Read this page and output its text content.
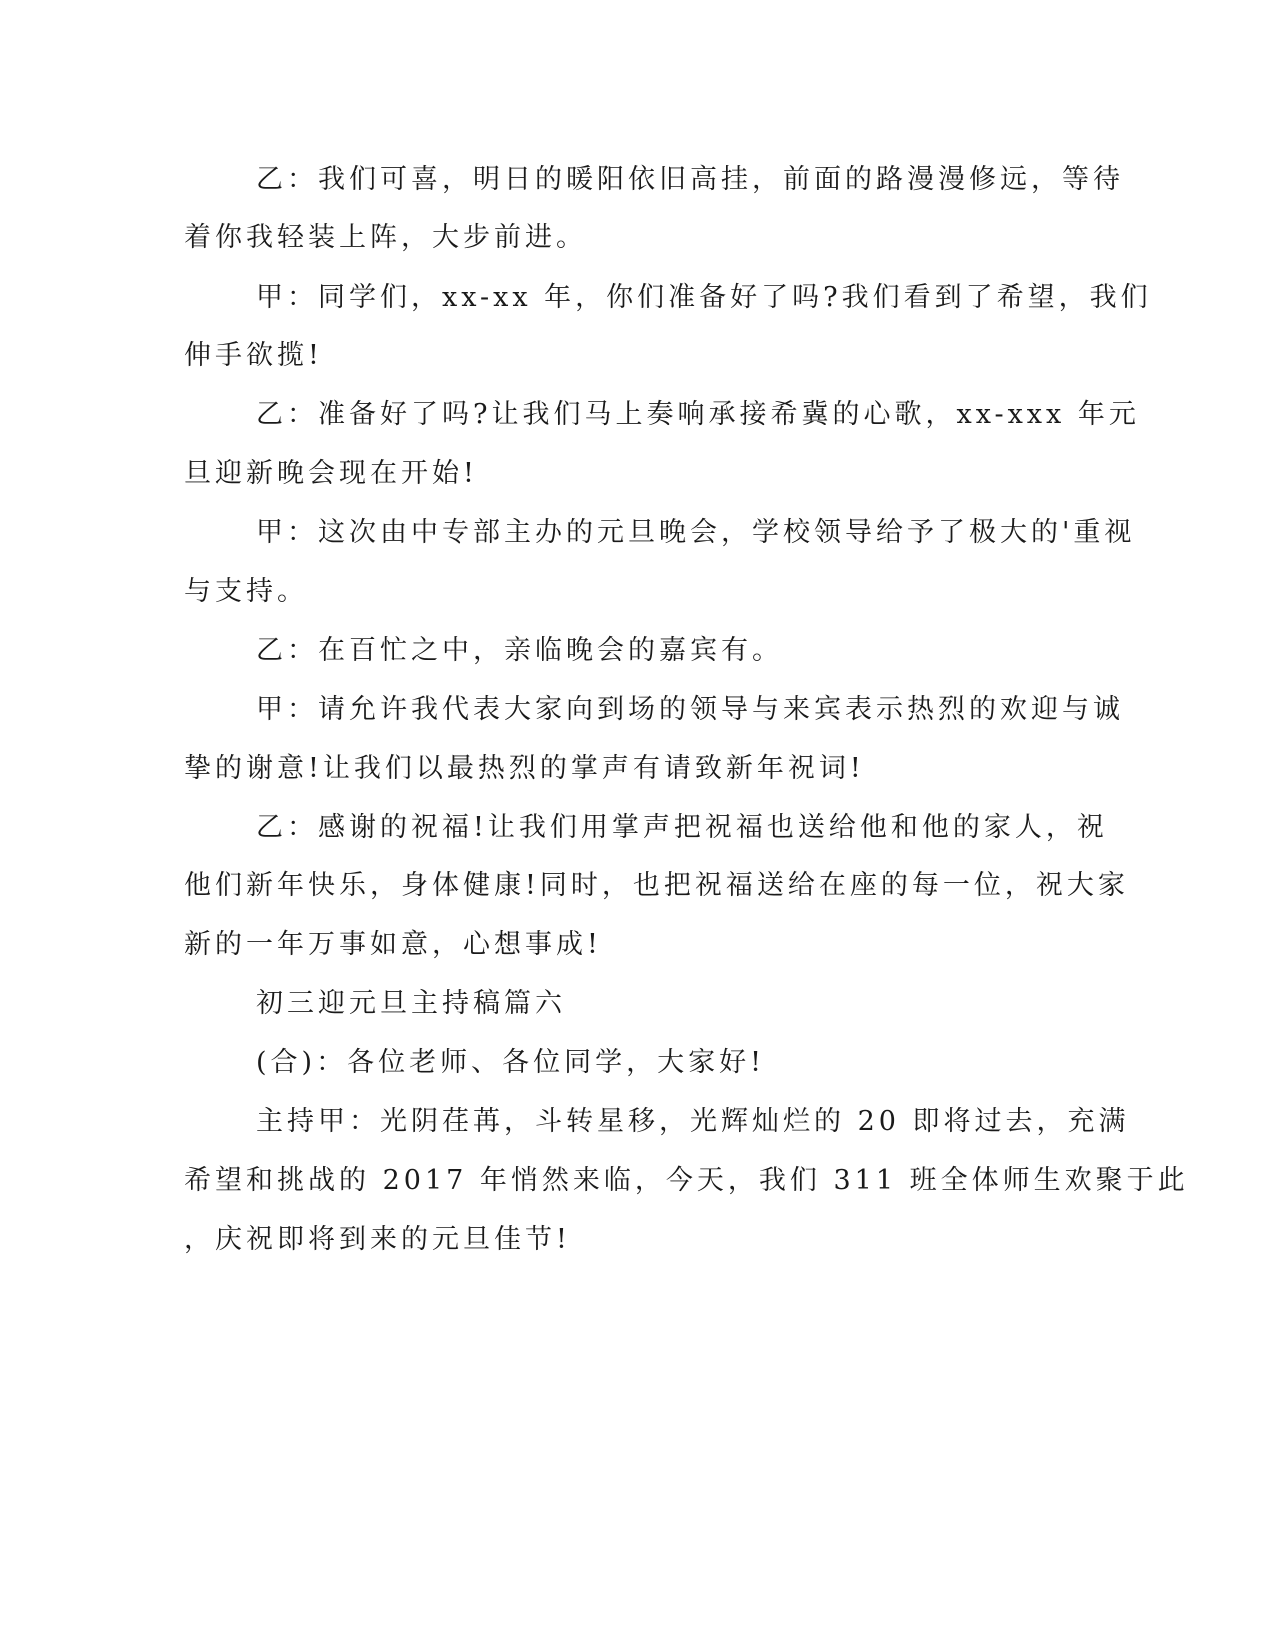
乙：我们可喜，明日的暖阳依旧高挂，前面的路漫漫修远，等待
着你我轻装上阵，大步前进。
甲：同学们，xx-xx 年，你们准备好了吗?我们看到了希望，我们
伸手欲揽!
乙：准备好了吗?让我们马上奏响承接希冀的心歌，xx-xxx 年元
旦迎新晚会现在开始!
甲：这次由中专部主办的元旦晚会，学校领导给予了极大的'重视
与支持。
乙：在百忙之中，亲临晚会的嘉宾有。
甲：请允许我代表大家向到场的领导与来宾表示热烈的欢迎与诚
挚的谢意!让我们以最热烈的掌声有请致新年祝词!
乙：感谢的祝福!让我们用掌声把祝福也送给他和他的家人，祝
他们新年快乐，身体健康!同时，也把祝福送给在座的每一位，祝大家
新的一年万事如意，心想事成!
初三迎元旦主持稿篇六
(合)：各位老师、各位同学，大家好!
主持甲：光阴荏苒，斗转星移，光辉灿烂的 20 即将过去，充满
希望和挑战的 2017 年悄然来临，今天，我们 311 班全体师生欢聚于此
，庆祝即将到来的元旦佳节!
